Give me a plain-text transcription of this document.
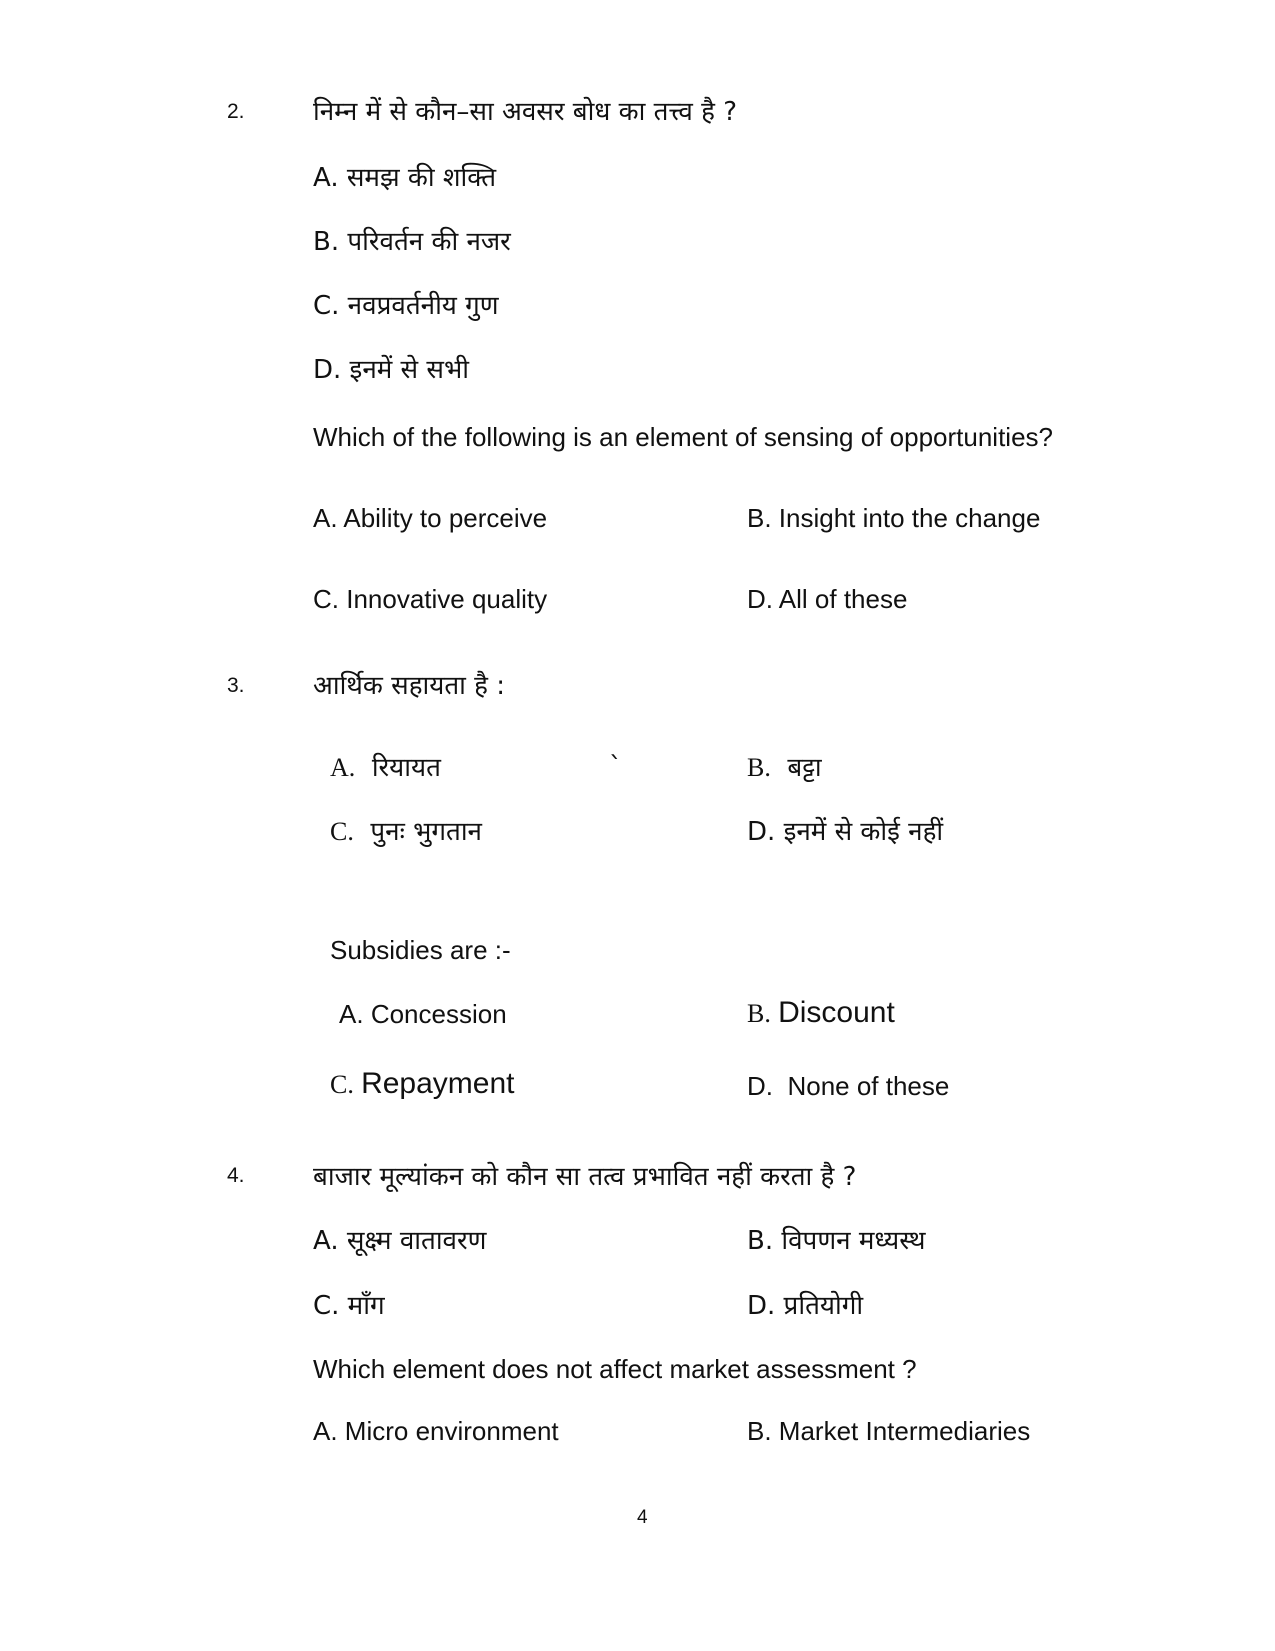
2.	निम्न में से कौन–सा अवसर बोध का तत्त्व है ?
A. समझ की शक्ति
B. परिवर्तन की नजर
C. नवप्रवर्तनीय गुण
D. इनमें से सभी
Which of the following is an element of sensing of opportunities?
A. Ability to perceive	B. Insight into the change
C. Innovative quality	D. All of these
3.	आर्थिक सहायता है :
A. रियायत	`	B. बट्टा
C. पुनः भुगतान	D. इनमें से कोई नहीं
Subsidies are :-
A. Concession	B. Discount
C. Repayment	D. None of these
4.	बाजार मूल्यांकन को कौन सा तत्व प्रभावित नहीं करता है ?
A. सूक्ष्म वातावरण	B. विपणन मध्यस्थ
C. माँग	D. प्रतियोगी
Which element does not affect market assessment ?
A. Micro environment	B. Market Intermediaries
4
